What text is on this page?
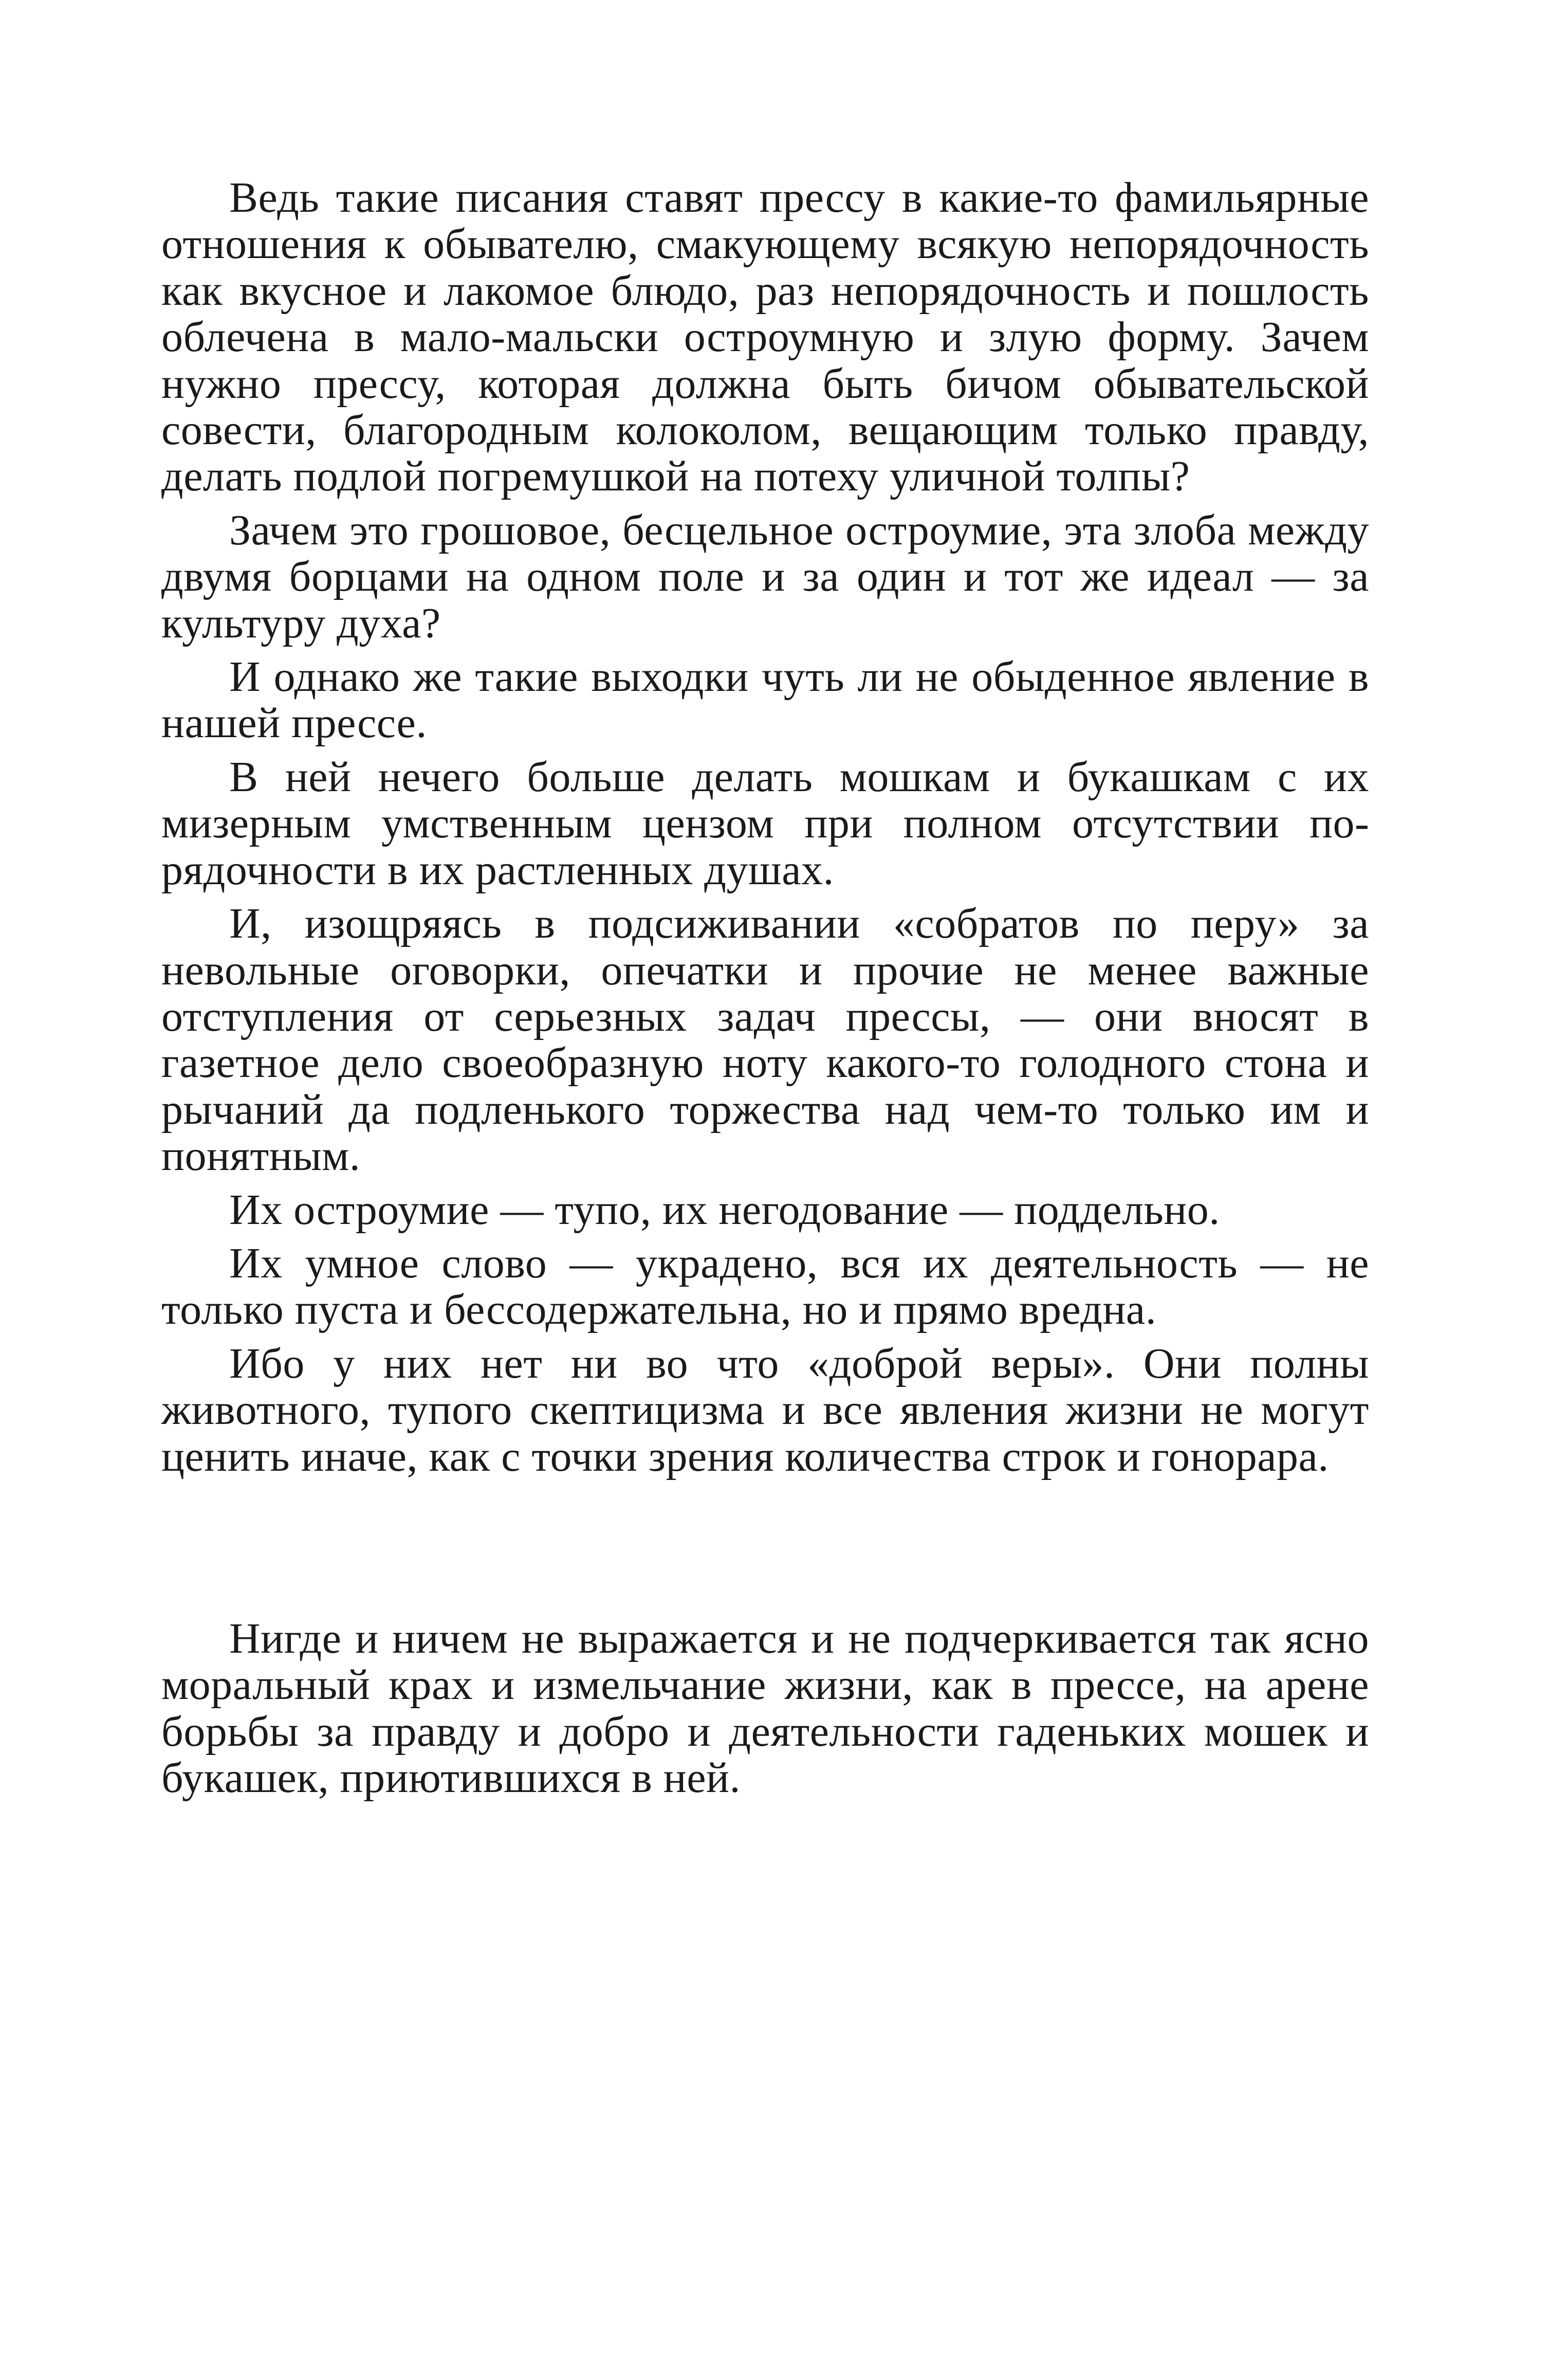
Ведь такие писания ставят прессу в какие-то фамильярные отношения к обывателю, смакующему всякую непорядочность как вкусное и лакомое блюдо, раз непорядочность и пошлость облечена в мало-мальски остроумную и злую форму. Зачем нужно прессу, которая должна быть бичом обывательской совести, благородным колоколом, вещающим только правду, делать подлой погремушкой на потеху уличной толпы?

Зачем это грошовое, бесцельное остроумие, эта злоба между двумя борцами на одном поле и за один и тот же идеал — за культуру духа?

И однако же такие выходки чуть ли не обыденное явление в нашей прессе.

В ней нечего больше делать мошкам и букашкам с их мизерным умственным цензом при полном отсутствии порядочности в их растленных душах.

И, изощряясь в подсиживании «собратов по перу» за невольные оговорки, опечатки и прочие не менее важные отступления от серьезных задач прессы, — они вносят в газетное дело своеобразную ноту какого-то голодного стона и рычаний да подленького торжества над чем-то только им и понятным.

Их остроумие — тупо, их негодование — поддельно.

Их умное слово — украдено, вся их деятельность — не только пуста и бессодержательна, но и прямо вредна.

Ибо у них нет ни во что «доброй веры». Они полны животного, тупого скептицизма и все явления жизни не могут ценить иначе, как с точки зрения количества строк и гонорара.

Нигде и ничем не выражается и не подчеркивается так ясно моральный крах и измельчание жизни, как в прессе, на арене борьбы за правду и добро и деятельности гаденьких мошек и букашек, приютившихся в ней.
